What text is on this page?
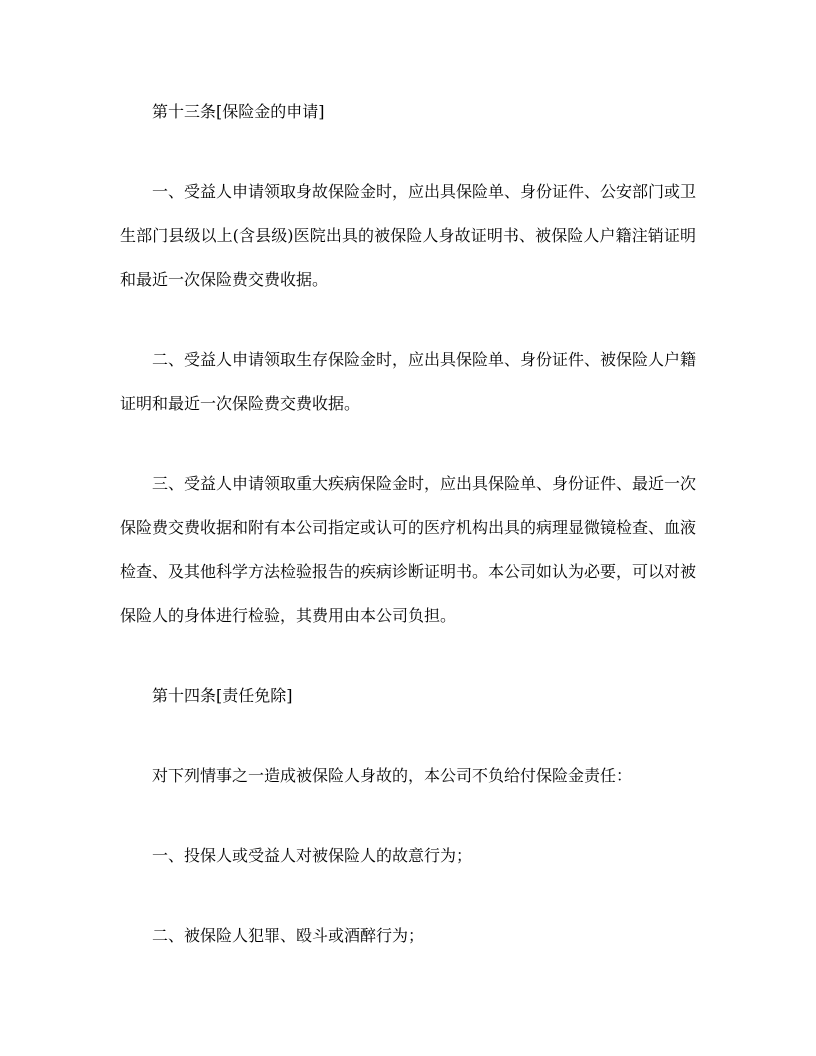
第十三条[保险金的申请]

一、受益人申请领取身故保险金时，应出具保险单、身份证件、公安部门或卫生部门县级以上(含县级)医院出具的被保险人身故证明书、被保险人户籍注销证明和最近一次保险费交费收据。

二、受益人申请领取生存保险金时，应出具保险单、身份证件、被保险人户籍证明和最近一次保险费交费收据。

三、受益人申请领取重大疾病保险金时，应出具保险单、身份证件、最近一次保险费交费收据和附有本公司指定或认可的医疗机构出具的病理显微镜检查、血液检查、及其他科学方法检验报告的疾病诊断证明书。本公司如认为必要，可以对被保险人的身体进行检验，其费用由本公司负担。

第十四条[责任免除]

对下列情事之一造成被保险人身故的，本公司不负给付保险金责任：

一、投保人或受益人对被保险人的故意行为；

二、被保险人犯罪、殴斗或酒醉行为；
